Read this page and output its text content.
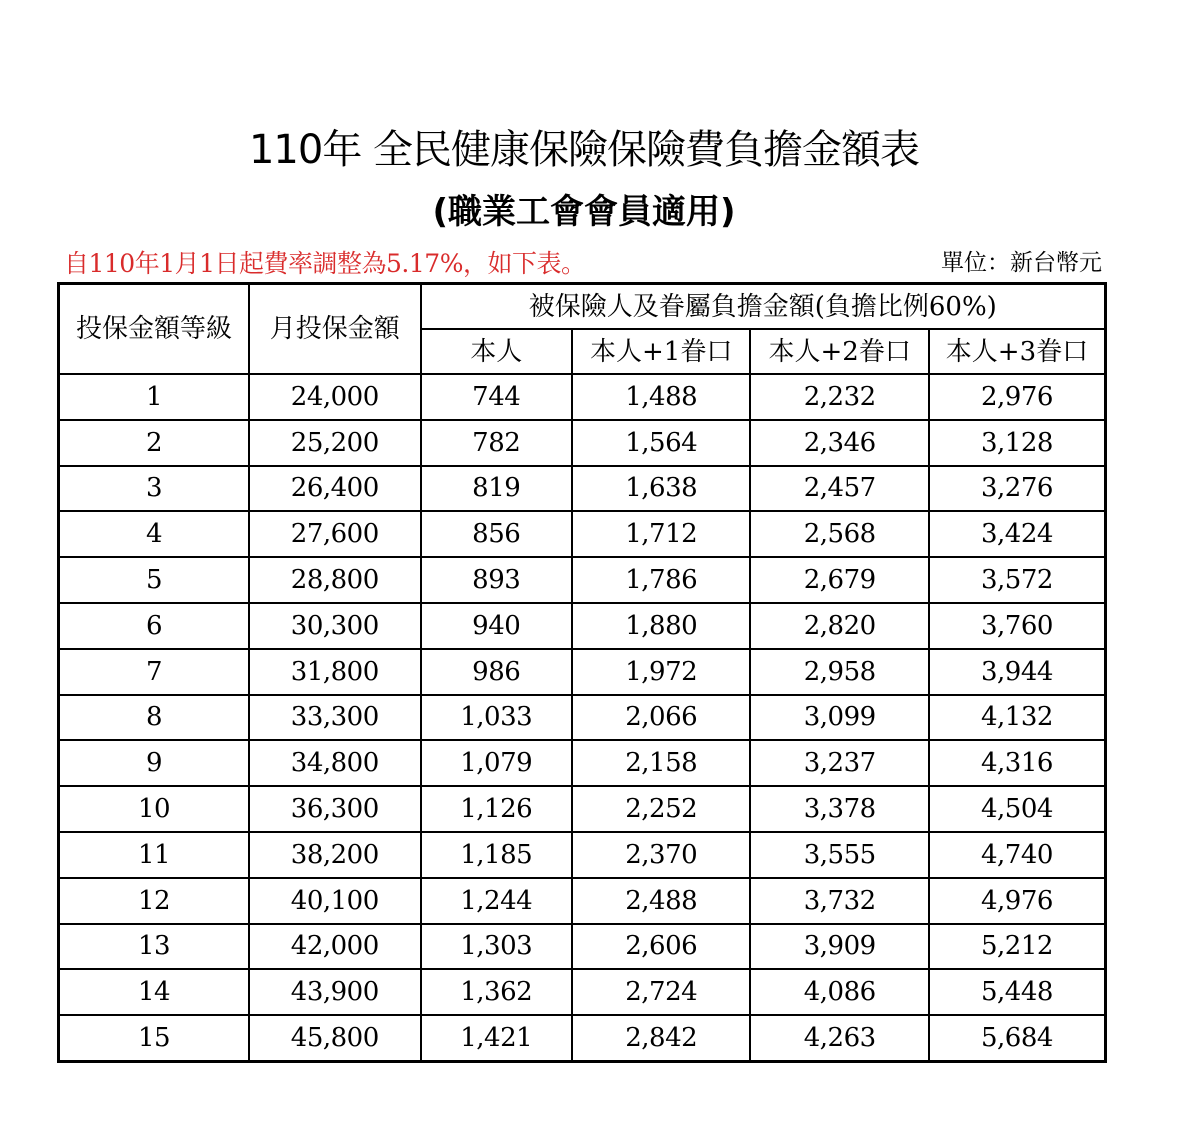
110年 全民健康保險保險費負擔金額表
(職業工會會員適用)
自110年1月1日起費率調整為5.17%，如下表。	單位：新台幣元
投保金額等級	月投保金額	被保險人及眷屬負擔金額(負擔比例60%)			
		本人	本人+1眷口	本人+2眷口	本人+3眷口
1	24,000	744	1,488	2,232	2,976
2	25,200	782	1,564	2,346	3,128
3	26,400	819	1,638	2,457	3,276
4	27,600	856	1,712	2,568	3,424
5	28,800	893	1,786	2,679	3,572
6	30,300	940	1,880	2,820	3,760
7	31,800	986	1,972	2,958	3,944
8	33,300	1,033	2,066	3,099	4,132
9	34,800	1,079	2,158	3,237	4,316
10	36,300	1,126	2,252	3,378	4,504
11	38,200	1,185	2,370	3,555	4,740
12	40,100	1,244	2,488	3,732	4,976
13	42,000	1,303	2,606	3,909	5,212
14	43,900	1,362	2,724	4,086	5,448
15	45,800	1,421	2,842	4,263	5,684
